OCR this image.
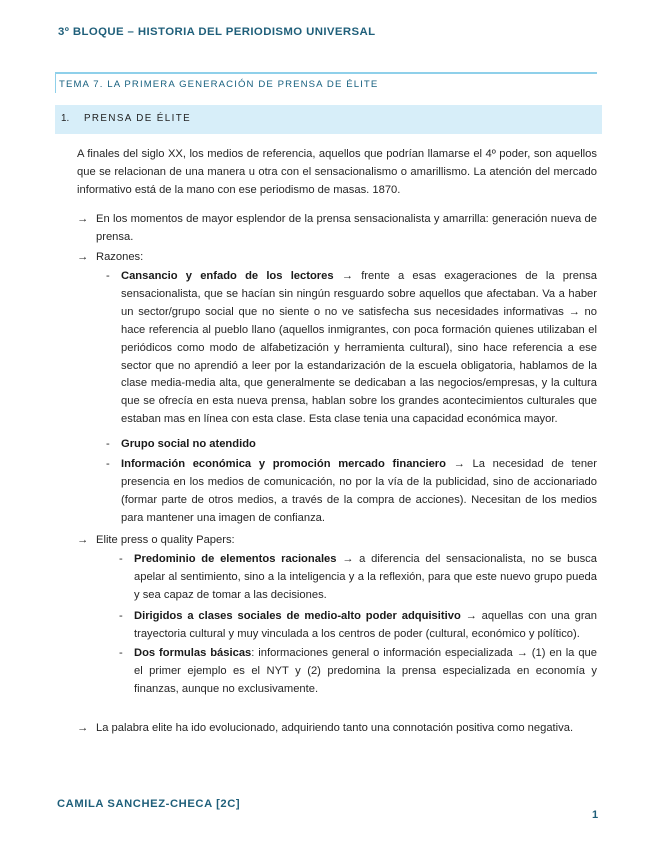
3º BLOQUE – HISTORIA DEL PERIODISMO UNIVERSAL
TEMA 7. LA PRIMERA GENERACIÓN DE PRENSA DE ÉLITE
1. PRENSA DE ÉLITE

A finales del siglo XX, los medios de referencia, aquellos que podrían llamarse el 4º poder, son aquellos que se relacionan de una manera u otra con el sensacionalismo o amarillismo. La atención del mercado informativo está de la mano con ese periodismo de masas. 1870.

→ En los momentos de mayor esplendor de la prensa sensacionalista y amarrilla: generación nueva de prensa.

→ Razones:

- Cansancio y enfado de los lectores → frente a esas exageraciones de la prensa sensacionalista, que se hacían sin ningún resguardo sobre aquellos que afectaban. Va a haber un sector/grupo social que no siente o no ve satisfecha sus necesidades informativas → no hace referencia al pueblo llano (aquellos inmigrantes, con poca formación quienes utilizaban el periódicos como modo de alfabetización y herramienta cultural), sino hace referencia a ese sector que no aprendió a leer por la estandarización de la escuela obligatoria, hablamos de la clase media-media alta, que generalmente se dedicaban a las negocios/empresas, y la cultura que se ofrecía en esta nueva prensa, hablan sobre los grandes acontecimientos culturales que estaban mas en línea con esta clase. Esta clase tenia una capacidad económica mayor.

- Grupo social no atendido

- Información económica y promoción mercado financiero → La necesidad de tener presencia en los medios de comunicación, no por la vía de la publicidad, sino de accionariado (formar parte de otros medios, a través de la compra de acciones). Necesitan de los medios para mantener una imagen de confianza.

→ Elite press o quality Papers:

- Predominio de elementos racionales → a diferencia del sensacionalista, no se busca apelar al sentimiento, sino a la inteligencia y a la reflexión, para que este nuevo grupo pueda y sea capaz de tomar a las decisiones.

- Dirigidos a clases sociales de medio-alto poder adquisitivo → aquellas con una gran trayectoria cultural y muy vinculada a los centros de poder (cultural, económico y político).

- Dos formulas básicas: informaciones general o información especializada → (1) en la que el primer ejemplo es el NYT y (2) predomina la prensa especializada en economía y finanzas, aunque no exclusivamente.

→ La palabra elite ha ido evolucionado, adquiriendo tanto una connotación positiva como negativa.

CAMILA SANCHEZ-CHECA [2C]
1
